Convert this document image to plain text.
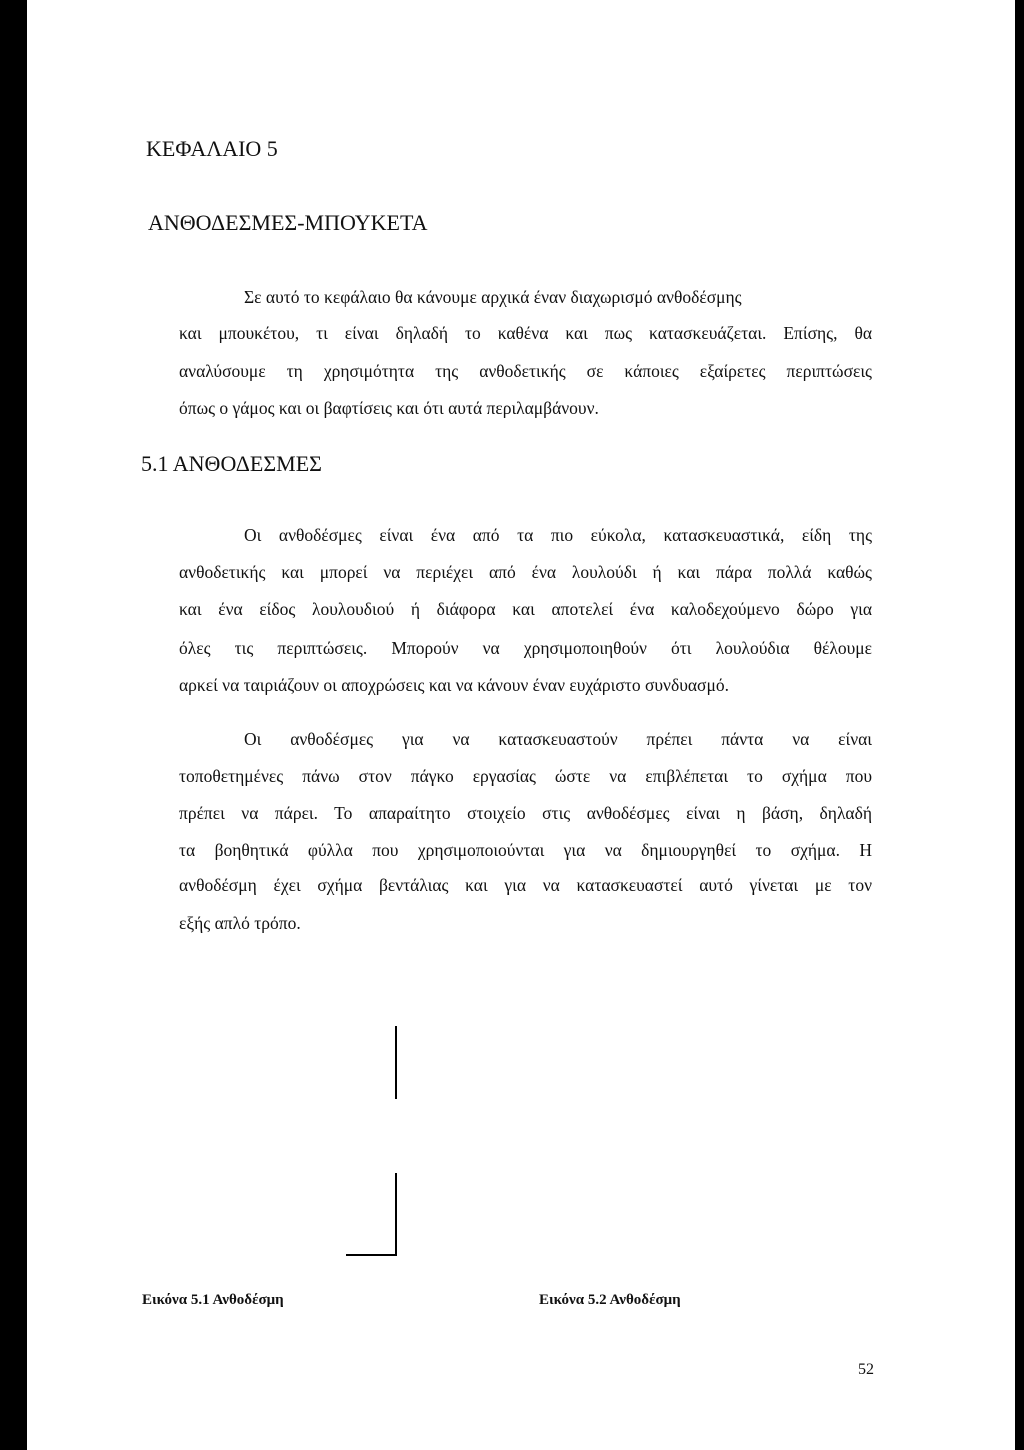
ΚΕΦΑΛΑΙΟ 5
ΑΝΘΟΔΕΣΜΕΣ-ΜΠΟΥΚΕΤΑ
Σε αυτό το κεφάλαιο θα κάνουμε αρχικά έναν διαχωρισμό ανθοδέσμης
και μπουκέτου, τι είναι δηλαδή το καθένα και πως κατασκευάζεται. Επίσης, θα
αναλύσουμε τη χρησιμότητα της ανθοδετικής σε κάποιες εξαίρετες περιπτώσεις
όπως ο γάμος και οι βαφτίσεις και ότι αυτά περιλαμβάνουν.
5.1 ΑΝΘΟΔΕΣΜΕΣ
Οι ανθοδέσμες είναι ένα από τα πιο εύκολα, κατασκευαστικά, είδη της
ανθοδετικής και μπορεί να περιέχει από ένα λουλούδι ή και πάρα πολλά καθώς
και ένα είδος λουλουδιού ή διάφορα και αποτελεί ένα καλοδεχούμενο δώρο για
όλες τις περιπτώσεις. Μπορούν να χρησιμοποιηθούν ότι λουλούδια θέλουμε
αρκεί να ταιριάζουν οι αποχρώσεις και να κάνουν έναν ευχάριστο συνδυασμό.
Οι ανθοδέσμες για να κατασκευαστούν πρέπει πάντα να είναι
τοποθετημένες πάνω στον πάγκο εργασίας ώστε να επιβλέπεται το σχήμα που
πρέπει να πάρει. Το απαραίτητο στοιχείο στις ανθοδέσμες είναι η βάση, δηλαδή
τα βοηθητικά φύλλα που χρησιμοποιούνται για να δημιουργηθεί το σχήμα. Η
ανθοδέσμη έχει σχήμα βεντάλιας και για να κατασκευαστεί αυτό γίνεται με τον
εξής απλό τρόπο.
Εικόνα 5.1 Ανθοδέσμη	Εικόνα 5.2 Ανθοδέσμη
52
